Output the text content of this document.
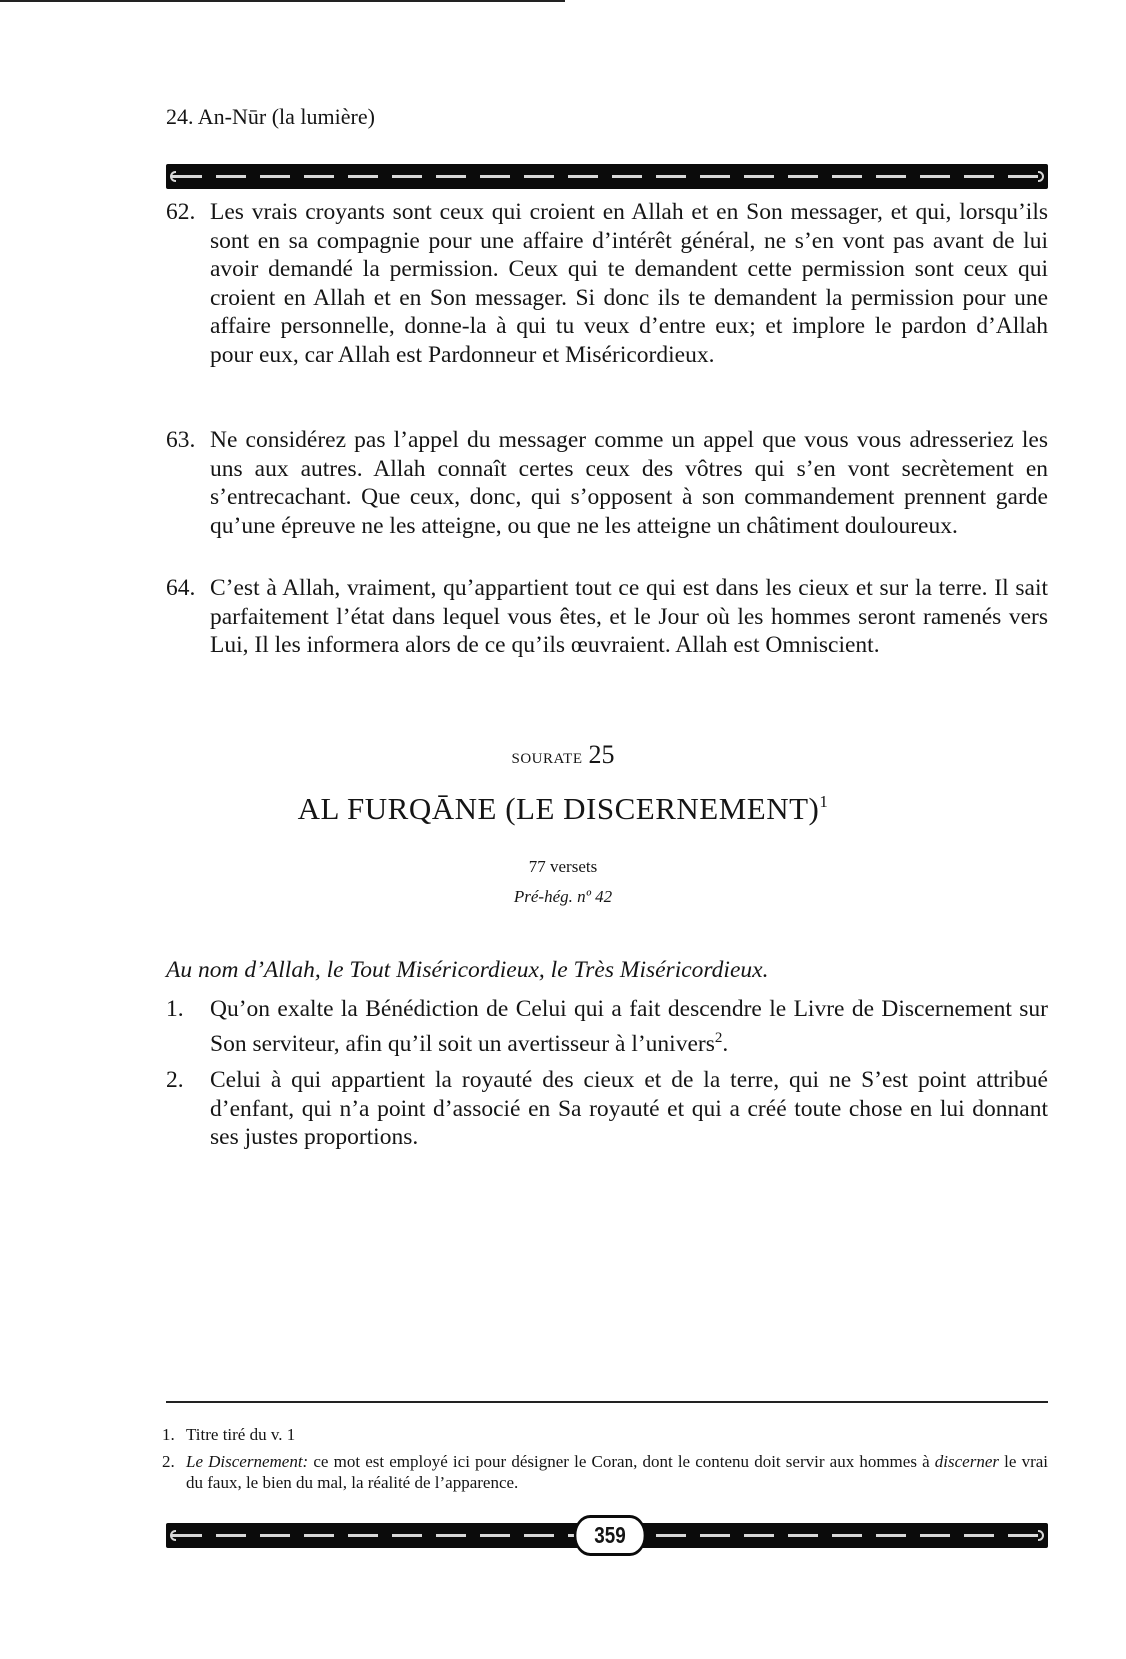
24. An-Nūr (la lumière)
62. Les vrais croyants sont ceux qui croient en Allah et en Son messager, et qui, lorsqu’ils sont en sa compagnie pour une affaire d’intérêt général, ne s’en vont pas avant de lui avoir demandé la permission. Ceux qui te demandent cette permission sont ceux qui croient en Allah et en Son messager. Si donc ils te demandent la permission pour une affaire personnelle, donne-la à qui tu veux d’entre eux; et implore le pardon d’Allah pour eux, car Allah est Pardonneur et Miséricordieux.
63. Ne considérez pas l’appel du messager comme un appel que vous vous adresseriez les uns aux autres. Allah connaît certes ceux des vôtres qui s’en vont secrètement en s’entrecachant. Que ceux, donc, qui s’opposent à son commandement prennent garde qu’une épreuve ne les atteigne, ou que ne les atteigne un châtiment douloureux.
64. C’est à Allah, vraiment, qu’appartient tout ce qui est dans les cieux et sur la terre. Il sait parfaitement l’état dans lequel vous êtes, et le Jour où les hommes seront ramenés vers Lui, Il les informera alors de ce qu’ils œuvraient. Allah est Omniscient.
sourate 25
AL FURQĀNE (LE DISCERNEMENT)$^1$
77 versets
Pré-hég. nº 42
Au nom d’Allah, le Tout Miséricordieux, le Très Miséricordieux.
1.	Qu’on exalte la Bénédiction de Celui qui a fait descendre le Livre de Discernement sur Son serviteur, afin qu’il soit un avertisseur à l’univers$^2$.
2.	Celui à qui appartient la royauté des cieux et de la terre, qui ne S’est point attribué d’enfant, qui n’a point d’associé en Sa royauté et qui a créé toute chose en lui donnant ses justes proportions.
1. Titre tiré du v. 1
2. Le Discernement: ce mot est employé ici pour désigner le Coran, dont le contenu doit servir aux hommes à discerner le vrai du faux, le bien du mal, la réalité de l’apparence.
359
